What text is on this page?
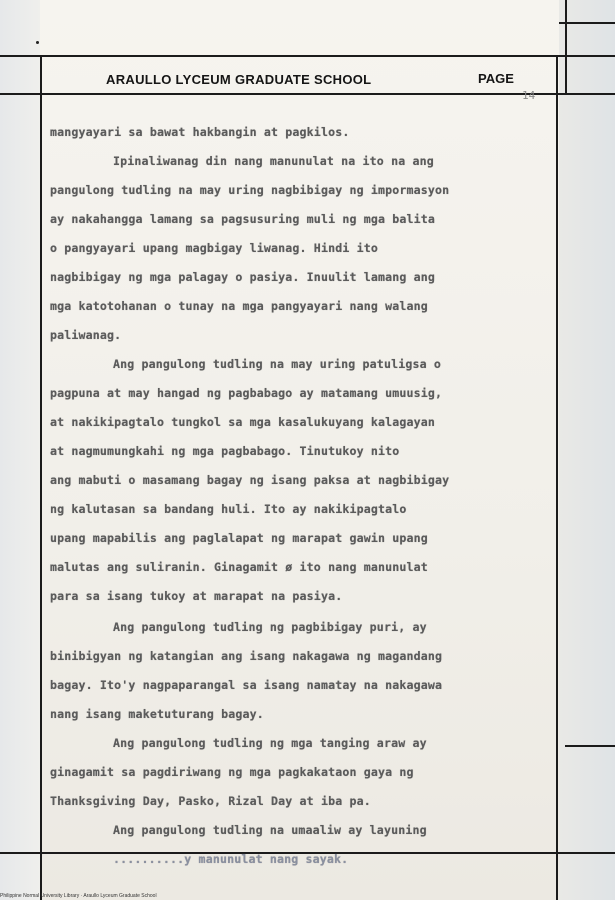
ARAULLO LYCEUM GRADUATE SCHOOL	PAGE
14
mangyayari sa bawat hakbangin at pagkilos.
Ipinaliwanag din nang manunulat na ito na ang
pangulong tudling na may uring nagbibigay ng impormasyon
ay nakahangga lamang sa pagsusuring muli ng mga balita
o pangyayari upang magbigay liwanag. Hindi ito
nagbibigay ng mga palagay o pasiya. Inuulit lamang ang
mga katotohanan o tunay na mga pangyayari nang walang
paliwanag.
Ang pangulong tudling na may uring patuligsa o
pagpuna at may hangad ng pagbabago ay matamang umuusig,
at nakikipagtalo tungkol sa mga kasalukuyang kalagayan
at nagmumungkahi ng mga pagbabago. Tinutukoy nito
ang mabuti o masamang bagay ng isang paksa at nagbibigay
ng kalutasan sa bandang huli. Ito ay nakikipagtalo
upang mapabilis ang paglalapat ng marapat gawin upang
malutas ang suliranin. Ginagamit ø ito nang manunulat
para sa isang tukoy at marapat na pasiya.
Ang pangulong tudling ng pagbibigay puri, ay
binibigyan ng katangian ang isang nakagawa ng magandang
bagay. Ito'y nagpaparangal sa isang namatay na nakagawa
nang isang maketuturang bagay.
Ang pangulong tudling ng mga tanging araw ay
ginagamit sa pagdiriwang ng mga pagkakataon gaya ng
Thanksgiving Day, Pasko, Rizal Day at iba pa.
Ang pangulong tudling na umaaliw ay layuning
..........y manunulat nang sayak.
Philippine Normal University Library · Araullo Lyceum Graduate School
